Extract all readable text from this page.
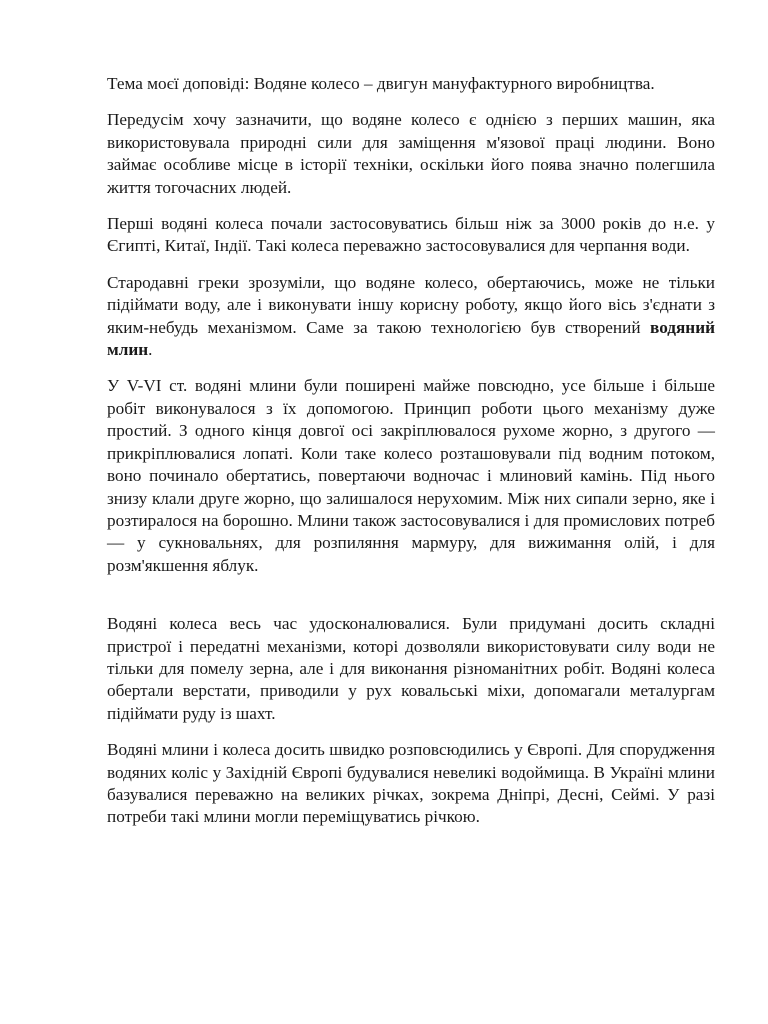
Тема моєї доповіді: Водяне колесо – двигун мануфактурного виробництва.

Передусім хочу зазначити, що водяне колесо є однією з перших машин, яка використовувала природні сили для заміщення м'язової праці людини. Воно займає особливе місце в історії техніки, оскільки його поява значно полегшила життя тогочасних людей.

Перші водяні колеса почали застосовуватись більш ніж за 3000 років до н.е. у Єгипті, Китаї, Індії. Такі колеса переважно застосовувалися для черпання води.

Стародавні греки зрозуміли, що водяне колесо, обертаючись, може не тільки підіймати воду, але і виконувати іншу корисну роботу, якщо його вісь з'єднати з яким-небудь механізмом. Саме за такою технологією був створений водяний млин.

У V-VI ст. водяні млини були поширені майже повсюдно, усе більше і більше робіт виконувалося з їх допомогою. Принцип роботи цього механізму дуже простий. З одного кінця довгої осі закріплювалося рухоме жорно, з другого — прикріплювалися лопаті. Коли таке колесо розташовували під водним потоком, воно починало обертатись, повертаючи водночас і млиновий камінь. Під нього знизу клали друге жорно, що залишалося нерухомим. Між них сипали зерно, яке і розтиралося на борошно. Млини також застосовувалися і для промислових потреб — у сукновальнях, для розпиляння мармуру, для вижимання олій, і для розм'якшення яблук.

Водяні колеса весь час удосконалювалися. Були придумані досить складні пристрої і передатні механізми, которі дозволяли використовувати силу води не тільки для помелу зерна, але і для виконання різноманітних робіт. Водяні колеса обертали верстати, приводили у рух ковальські міхи, допомагали металургам підіймати руду із шахт.

Водяні млини і колеса досить швидко розповсюдились у Європі. Для спорудження водяних коліс у Західній Європі будувалися невеликі водоймища. В Україні млини базувалися переважно на великих річках, зокрема Дніпрі, Десні, Сеймі. У разі потреби такі млини могли переміщуватись річкою.
